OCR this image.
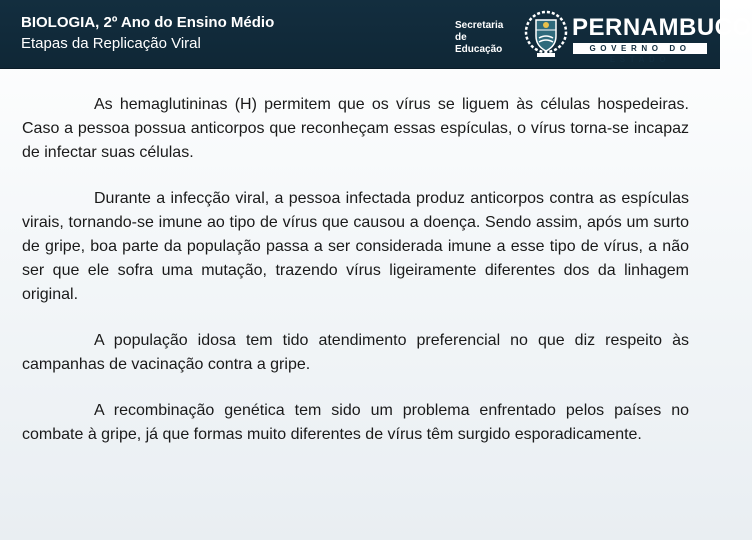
BIOLOGIA, 2º Ano do Ensino Médio
Etapas da Replicação Viral
Secretaria de Educação
PERNAMBUCO
GOVERNO DO ESTADO

As hemaglutininas (H) permitem que os vírus se liguem às células hospedeiras. Caso a pessoa possua anticorpos que reconheçam essas espículas, o vírus torna-se incapaz de infectar suas células.

Durante a infecção viral, a pessoa infectada produz anticorpos contra as espículas virais, tornando-se imune ao tipo de vírus que causou a doença. Sendo assim, após um surto de gripe, boa parte da população passa a ser considerada imune a esse tipo de vírus, a não ser que ele sofra uma mutação, trazendo vírus ligeiramente diferentes dos da linhagem original.

A população idosa tem tido atendimento preferencial no que diz respeito às campanhas de vacinação contra a gripe.

A recombinação genética tem sido um problema enfrentado pelos países no combate à gripe, já que formas muito diferentes de vírus têm surgido esporadicamente.
